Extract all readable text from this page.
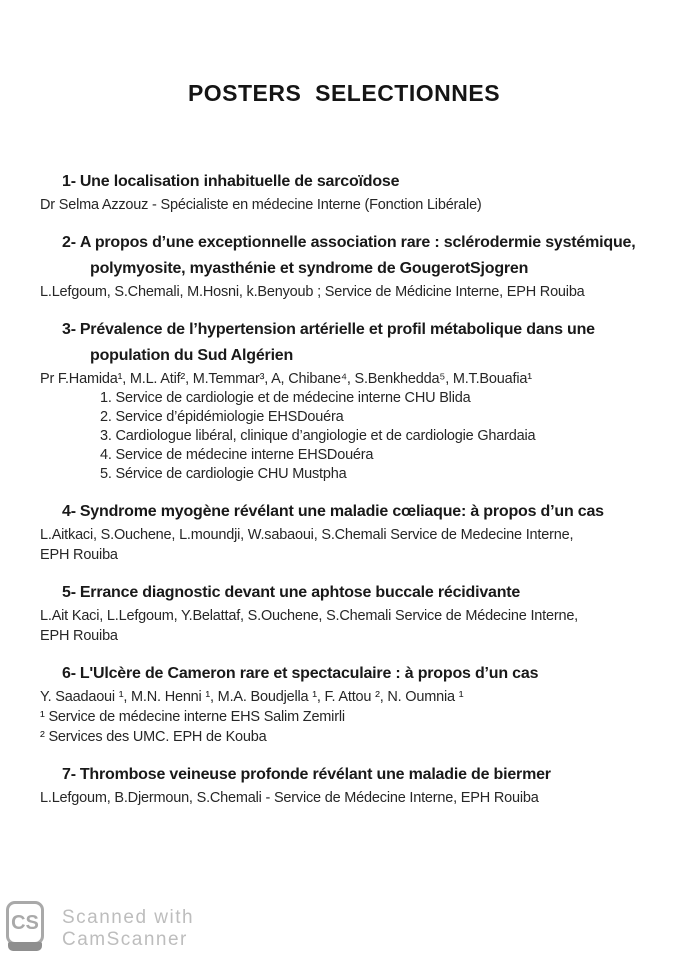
POSTERS  SELECTIONNES
1- Une localisation inhabituelle de sarcoïdose
Dr Selma Azzouz - Spécialiste en médecine Interne (Fonction Libérale)
2- A propos d’une exceptionnelle association rare : sclérodermie systémique, polymyosite, myasthénie et syndrome de GougerotSjogren
L.Lefgoum, S.Chemali, M.Hosni, k.Benyoub ; Service de Médicine Interne, EPH Rouiba
3- Prévalence de l’hypertension artérielle et profil métabolique dans une population du Sud Algérien
Pr F.Hamida¹, M.L. Atif², M.Temmar³, A, Chibane⁴, S.Benkhedda⁵, M.T.Bouafia¹
1. Service de cardiologie et de médecine interne CHU Blida
2. Service d’épidémiologie EHSDouéra
3. Cardiologue libéral, clinique d’angiologie et de cardiologie Ghardaia
4. Service de médecine interne EHSDouéra
5. Sérvice de cardiologie CHU Mustpha
4- Syndrome myogène révélant une maladie cœliaque: à propos d’un cas
L.Aitkaci, S.Ouchene, L.moundji, W.sabaoui, S.Chemali Service de Medecine Interne,
EPH Rouiba
5- Errance diagnostic devant une aphtose buccale récidivante
L.Ait Kaci, L.Lefgoum, Y.Belattaf, S.Ouchene, S.Chemali Service de Médecine Interne,
EPH Rouiba
6- L'Ulcère de Cameron rare et spectaculaire : à propos d’un cas
Y. Saadaoui ¹, M.N. Henni ¹, M.A. Boudjella ¹, F. Attou ², N. Oumnia ¹
¹ Service de médecine interne EHS Salim Zemirli
² Services des UMC. EPH de Kouba
7- Thrombose veineuse profonde révélant une maladie de biermer
L.Lefgoum, B.Djermoun, S.Chemali - Service de Médecine Interne, EPH Rouiba
CS Scanned with
CamScanner
